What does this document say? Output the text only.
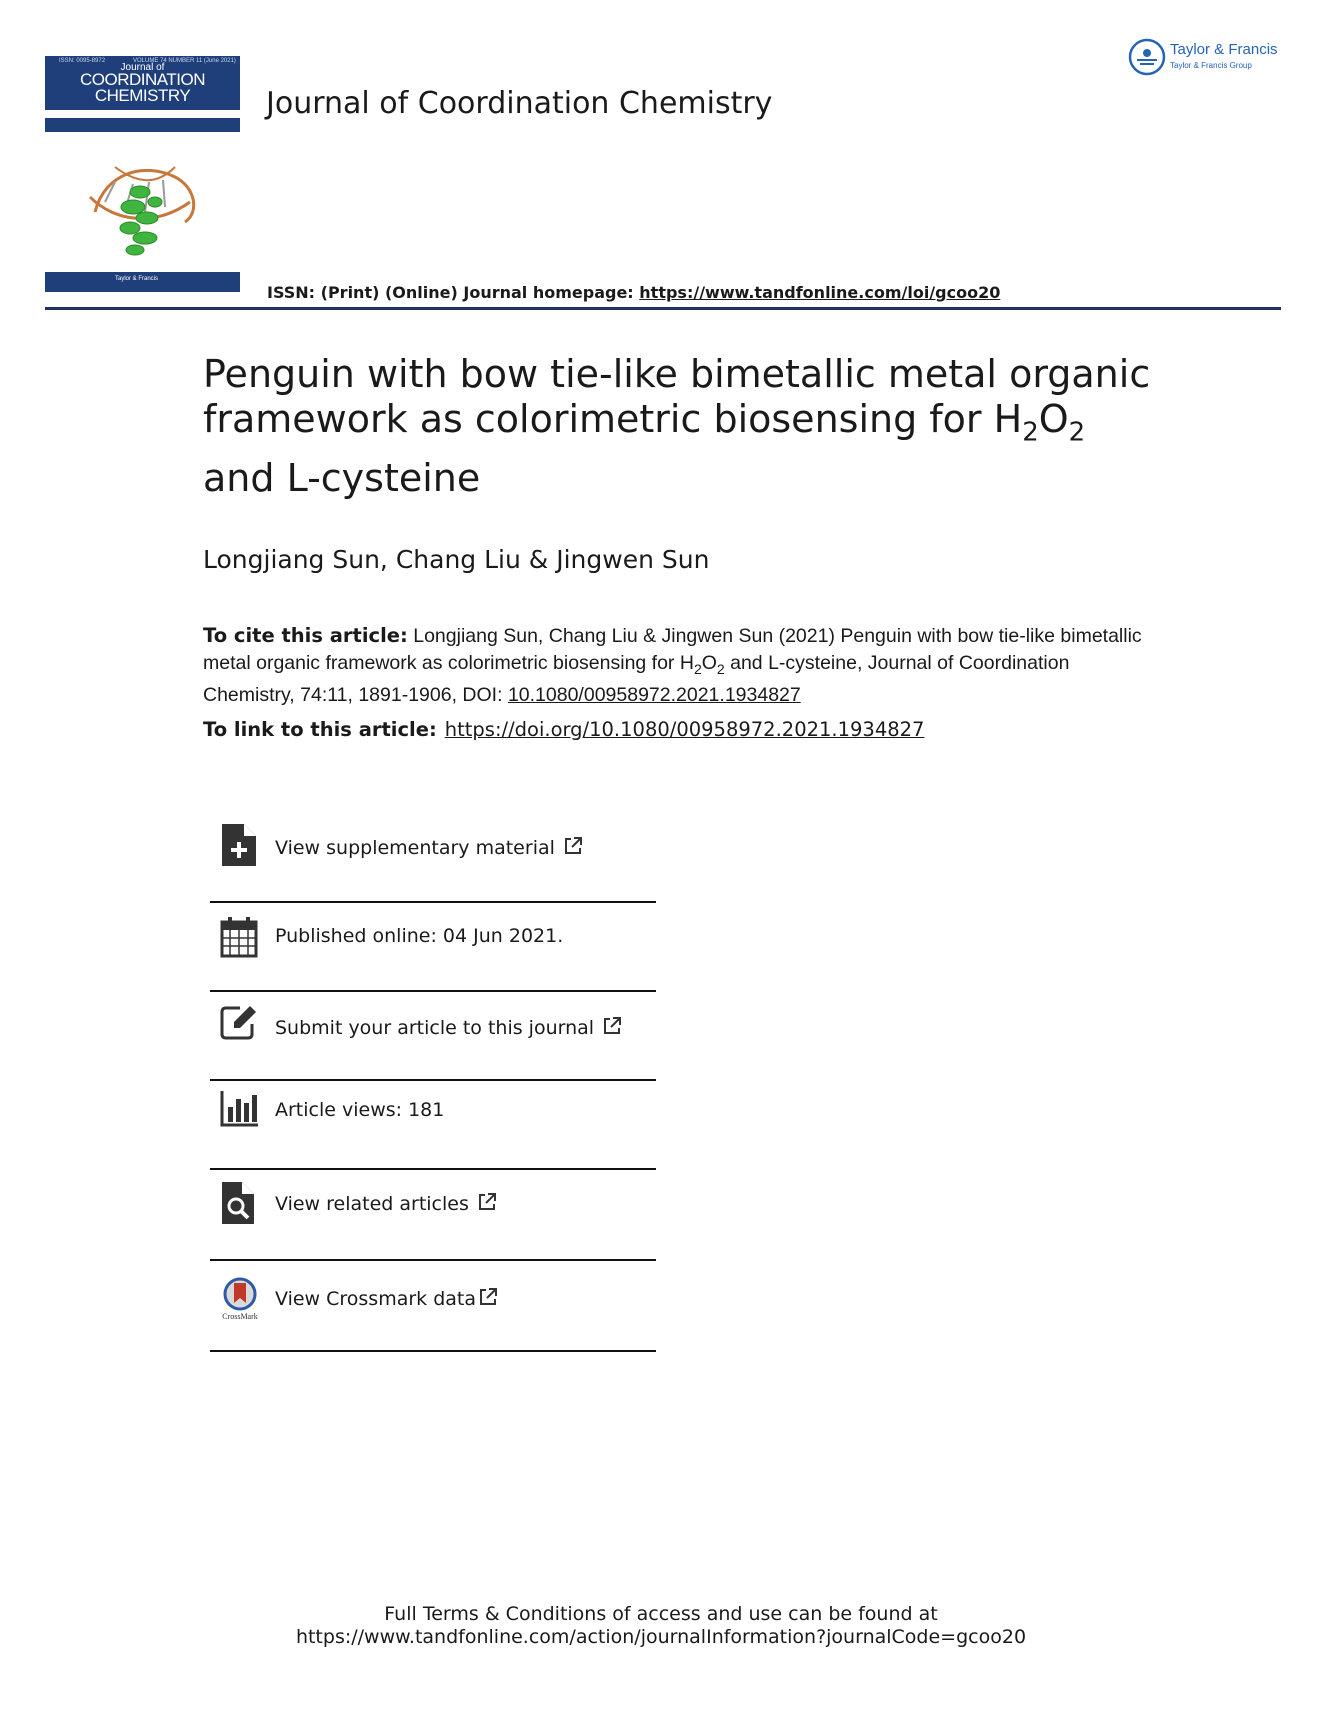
ISSN: 0095-8972	VOLUME 74 NUMBER 11 (June 2021)
Journal of
COORDINATION
CHEMISTRY
Taylor & Francis
Journal of Coordination Chemistry
Taylor & Francis
Taylor & Francis Group
ISSN: (Print) (Online) Journal homepage: https://www.tandfonline.com/loi/gcoo20
Penguin with bow tie-like bimetallic metal organic framework as colorimetric biosensing for $H_2O_2$ and L-cysteine
Longjiang Sun, Chang Liu & Jingwen Sun
To cite this article: Longjiang Sun, Chang Liu & Jingwen Sun (2021) Penguin with bow tie-like bimetallic metal organic framework as colorimetric biosensing for $H_2O_2$ and L-cysteine, Journal of Coordination Chemistry, 74:11, 1891-1906, DOI: 10.1080/00958972.2021.1934827
To link to this article: https://doi.org/10.1080/00958972.2021.1934827
View supplementary material
Published online: 04 Jun 2021.
Submit your article to this journal
Article views: 181
View related articles
CrossMark
View Crossmark data
Full Terms & Conditions of access and use can be found at
https://www.tandfonline.com/action/journalInformation?journalCode=gcoo20
